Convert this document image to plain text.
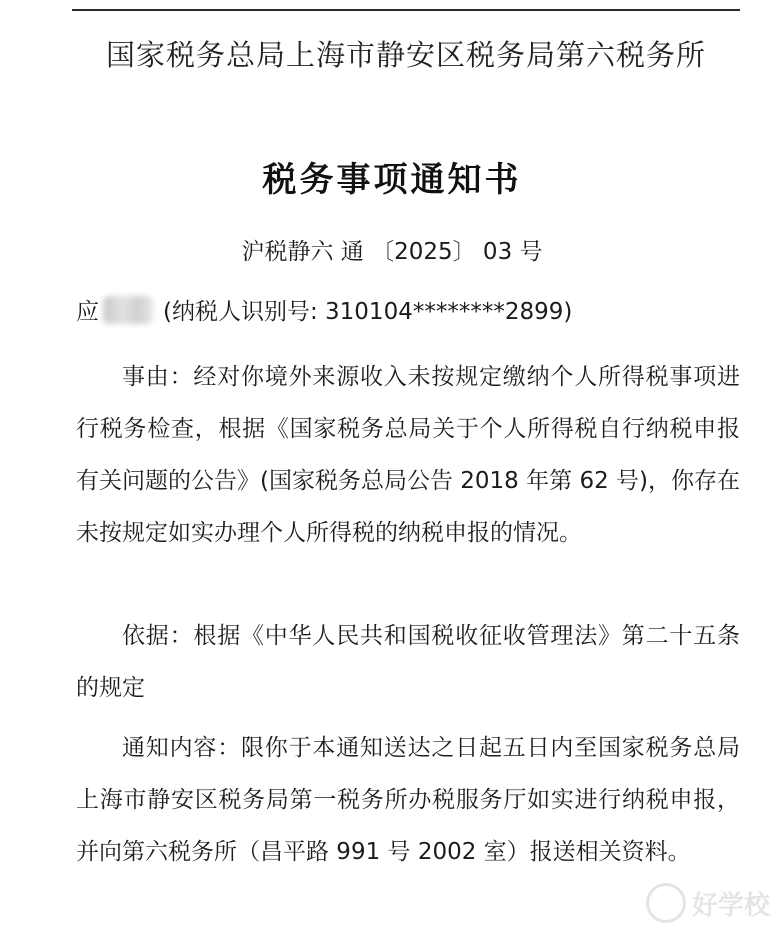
国家税务总局上海市静安区税务局第六税务所
税务事项通知书
沪税静六 通 〔2025〕 03 号
应	(纳税人识别号: 310104********2899)
事由：经对你境外来源收入未按规定缴纳个人所得税事项进行税务检查，根据《国家税务总局关于个人所得税自行纳税申报有关问题的公告》(国家税务总局公告 2018 年第 62 号)，你存在未按规定如实办理个人所得税的纳税申报的情况。
依据：根据《中华人民共和国税收征收管理法》第二十五条的规定
通知内容：限你于本通知送达之日起五日内至国家税务总局上海市静安区税务局第一税务所办税服务厅如实进行纳税申报，并向第六税务所（昌平路 991 号 2002 室）报送相关资料。
好学校
